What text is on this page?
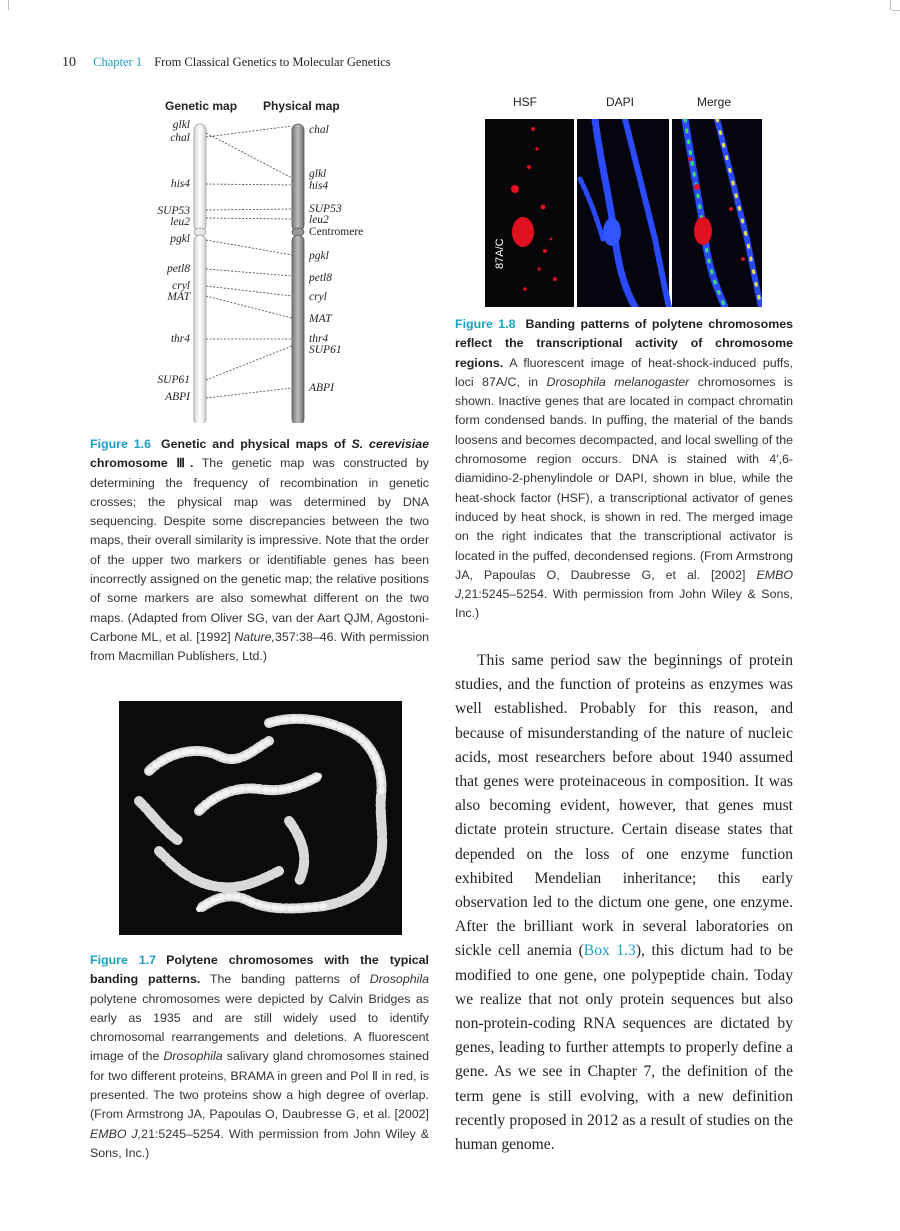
10 Chapter 1 From Classical Genetics to Molecular Genetics
Genetic map Physical map
glkl
chal
his4
SUP53
leu2
pgkl
petl8
cryl
MAT
thr4
SUP61
ABPI
chal
glkl
his4
SUP53
leu2
Centromere
pgkl
petl8
cryl
MAT
thr4
SUP61
ABPI
Figure 1.6 Genetic and physical maps of S. cerevisiae chromosome Ⅲ. The genetic map was constructed by determining the frequency of recombination in genetic crosses; the physical map was determined by DNA sequencing. Despite some discrepancies between the two maps, their overall similarity is impressive. Note that the order of the upper two markers or identifiable genes has been incorrectly assigned on the genetic map; the relative positions of some markers are also somewhat different on the two maps. (Adapted from Oliver SG, van der Aart QJM, Agostoni-Carbone ML, et al. [1992] Nature,357:38–46. With permission from Macmillan Publishers, Ltd.)
Figure 1.7 Polytene chromosomes with the typical banding patterns. The banding patterns of Drosophila polytene chromosomes were depicted by Calvin Bridges as early as 1935 and are still widely used to identify chromosomal rearrangements and deletions. A fluorescent image of the Drosophila salivary gland chromosomes stained for two different proteins, BRAMA in green and Pol Ⅱ in red, is presented. The two proteins show a high degree of overlap. (From Armstrong JA, Papoulas O, Daubresse G, et al. [2002] EMBO J,21:5245–5254. With permission from John Wiley & Sons, Inc.)
HSF	DAPI	Merge
87A/C
Figure 1.8 Banding patterns of polytene chromosomes reflect the transcriptional activity of chromosome regions. A fluorescent image of heat-shock-induced puffs, loci 87A/C, in Drosophila melanogaster chromosomes is shown. Inactive genes that are located in compact chromatin form condensed bands. In puffing, the material of the bands loosens and becomes decompacted, and local swelling of the chromosome region occurs. DNA is stained with 4′,6-diamidino-2-phenylindole or DAPI, shown in blue, while the heat-shock factor (HSF), a transcriptional activator of genes induced by heat shock, is shown in red. The merged image on the right indicates that the transcriptional activator is located in the puffed, decondensed regions. (From Armstrong JA, Papoulas O, Daubresse G, et al. [2002] EMBO J,21:5245–5254. With permission from John Wiley & Sons, Inc.)
This same period saw the beginnings of protein studies, and the function of proteins as enzymes was well established. Probably for this reason, and because of misunderstanding of the nature of nucleic acids, most researchers before about 1940 assumed that genes were proteinaceous in composition. It was also becoming evident, however, that genes must dictate protein structure. Certain disease states that depended on the loss of one enzyme function exhibited Mendelian inheritance; this early observation led to the dictum one gene, one enzyme. After the brilliant work in several laboratories on sickle cell anemia (Box 1.3), this dictum had to be modified to one gene, one polypeptide chain. Today we realize that not only protein sequences but also non-protein-coding RNA sequences are dictated by genes, leading to further attempts to properly define a gene. As we see in Chapter 7, the definition of the term gene is still evolving, with a new definition recently proposed in 2012 as a result of studies on the human genome.
